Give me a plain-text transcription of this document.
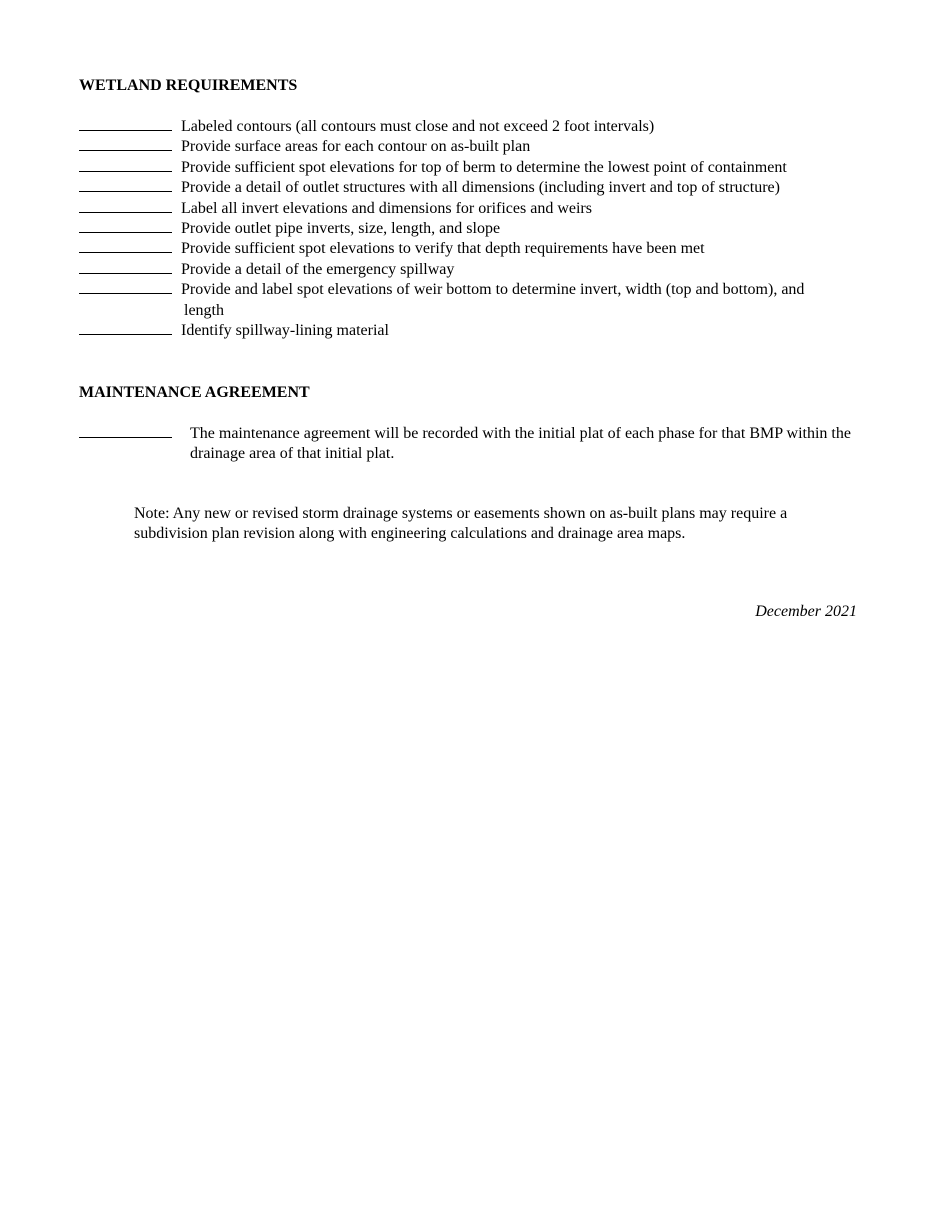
WETLAND REQUIREMENTS
Labeled contours (all contours must close and not exceed 2 foot intervals)
Provide surface areas for each contour on as-built plan
Provide sufficient spot elevations for top of berm to determine the lowest point of containment
Provide a detail of outlet structures with all dimensions (including invert and top of structure)
Label all invert elevations and dimensions for orifices and weirs
Provide outlet pipe inverts, size, length, and slope
Provide sufficient spot elevations to verify that depth requirements have been met
Provide a detail of the emergency spillway
Provide and label spot elevations of weir bottom to determine invert, width (top and bottom), and
length
Identify spillway-lining material
MAINTENANCE AGREEMENT
The maintenance agreement will be recorded with the initial plat of each phase for that BMP within the drainage area of that initial plat.

Note: Any new or revised storm drainage systems or easements shown on as-built plans may require a subdivision plan revision along with engineering calculations and drainage area maps.

December 2021
